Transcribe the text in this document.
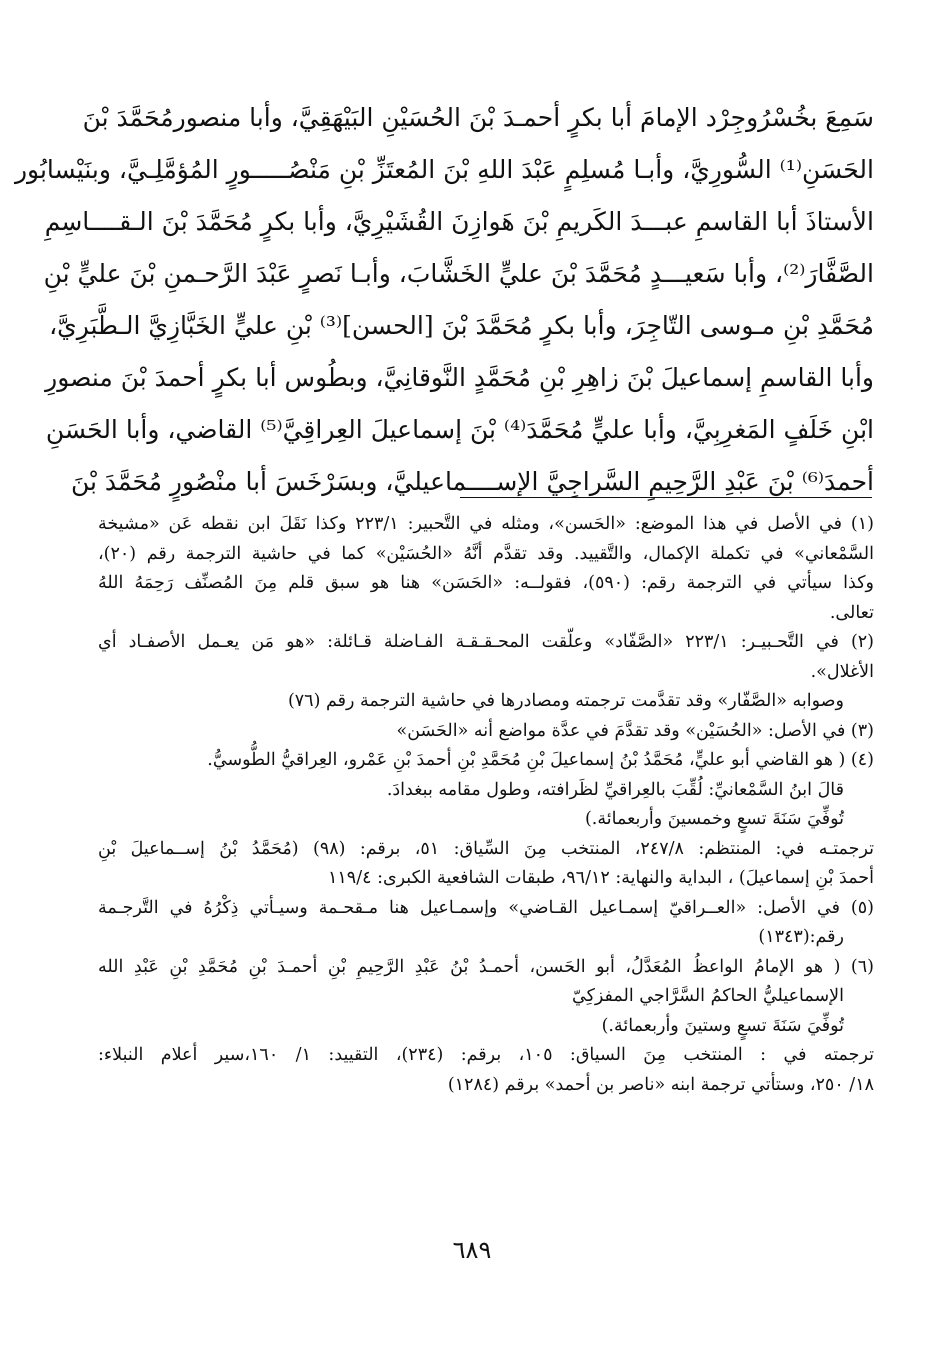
سَمِعَ بخُسْرُوجِرْد الإمامَ أبا بكرٍ أحمـدَ بْنَ الحُسَيْنِ البَيْهَقِيَّ، وأبا منصورمُحَمَّدَ بْنَ
الحَسَنِ⁽¹⁾ السُّورِيَّ، وأبـا مُسلِمٍ عَبْدَ اللهِ بْنَ المُعتَزِّ بْنِ مَنْصُـــــورٍ المُؤمَّلِـيَّ، وبنَيْسابُور
الأستاذَ أبا القاسمِ عبـــدَ الكَريمِ بْنَ هَوازِنَ القُشَيْرِيَّ، وأبا بكرٍ مُحَمَّدَ بْنَ الـقــــاسِمِ
الصَّفَّارَ⁽²⁾، وأبا سَعيـــدٍ مُحَمَّدَ بْنَ عليٍّ الخَشَّابَ، وأبـا نَصرٍ عَبْدَ الرَّحـمنِ بْنَ عليٍّ بْنِ
مُحَمَّدِ بْنِ مـوسى التّاجِرَ، وأبا بكرٍ مُحَمَّدَ بْنَ [الحسن]⁽³⁾ بْنِ عليٍّ الخَبَّازِيَّ الـطَّبَرِيَّ،
وأبا القاسمِ إسماعيلَ بْنَ زاهِرِ بْنِ مُحَمَّدٍ النَّوقانِيَّ، وبطُوس أبا بكرٍ أحمدَ بْنَ منصورِ
ابْنِ خَلَفٍ المَغرِبِيَّ، وأبا عليٍّ مُحَمَّدَ⁽⁴⁾ بْنَ إسماعيلَ العِراقِيَّ⁽⁵⁾ القاضي، وأبا الحَسَنِ
أحمدَ⁽⁶⁾ بْنَ عَبْدِ الرَّحِيمِ السَّراجِيَّ الإســــماعيليَّ، وبسَرْخَسَ أبا منْصُورٍ مُحَمَّدَ بْنَ
(١) في الأصل في هذا الموضع: «الحَسن»، ومثله في التَّحبير: ٢٢٣/١ وكذا نَقَلَ ابن نقطه عَن «مشيخة
السَّمْعاني» في تكملة الإكمال، والتَّقييد. وقد تقدَّم أنَّهُ «الحُسَيْن» كما في حاشية الترجمة رقم (٢٠)،
وكذا سيأتي في الترجمة رقم: (٥٩٠)، فقولــه: «الحَسَن» هنا هو سبق قلم مِنَ المُصنِّف رَحِمَهُ اللهُ
تعالى.
(٢) في التَّحـبيـر: ٢٢٣/١ «الصَّفّاد» وعلّقت المحـقـقـة الفـاضلة قـائلة: «هو مَن يعـمل الأصفـاد أي
الأغلال».
وصوابه «الصَّفّار» وقد تقدَّمت ترجمته ومصادرها في حاشية الترجمة رقم (٧٦)
(٣) في الأصل: «الحُسَيْن» وقد تقدَّمَ في عدَّة مواضع أنه «الحَسَن»
(٤) ( هو القاضي أبو عليٍّ، مُحَمَّدُ بْنُ إسماعيلَ بْنِ مُحَمَّدِ بْنِ أحمدَ بْنِ عَمْرو، العِراقيُّ الطُّوسيُّ.
قالَ ابنُ السَّمْعانيِّ: لُقِّبَ بالعِراقيِّ لظَرافته، وطول مقامه ببغدادَ.
تُوفِّيَ سَنَةَ تسعٍ وخمسينَ وأربعمائة.)
ترجمتـه في: المنتظم: ٢٤٧/٨، المنتخب مِنَ السِّياق: ٥١، برقم: (٩٨) (مُحَمَّدُ بْنُ إســماعيلَ بْنِ
أحمدَ بْنِ إسماعيلَ) ، البداية والنهاية: ٩٦/١٢، طبقات الشافعية الكبرى: ١١٩/٤
(٥) في الأصل: «العــراقيّ إسمـاعيل القـاضي» وإسمـاعيل هنا مـقحـمة وسيـأتي ذِكْرُهُ في التَّرجـمة
رقم:(١٣٤٣)
(٦) ( هو الإمامُ الواعظُ المُعَدَّلُ، أبو الحَسن، أحمـدُ بْنُ عَبْدِ الرَّحِيمِ بْنِ أحمـدَ بْنِ مُحَمَّدِ بْنِ عَبْدِ الله
الإسماعيليُّ الحاكمُ السَّرَّاجي المفزكِيّ
تُوفِّيَ سَنَةَ تسعٍ وستينَ وأربعمائة.)
ترجمته في : المنتخب مِنَ السياق: ١٠٥، برقم: (٢٣٤)، التقييد: ١/ ١٦٠،سير أعلام النبلاء:
١٨/ ٢٥٠، وستأتي ترجمة ابنه «ناصر بن أحمد» برقم (١٢٨٤)
٦٨٩
